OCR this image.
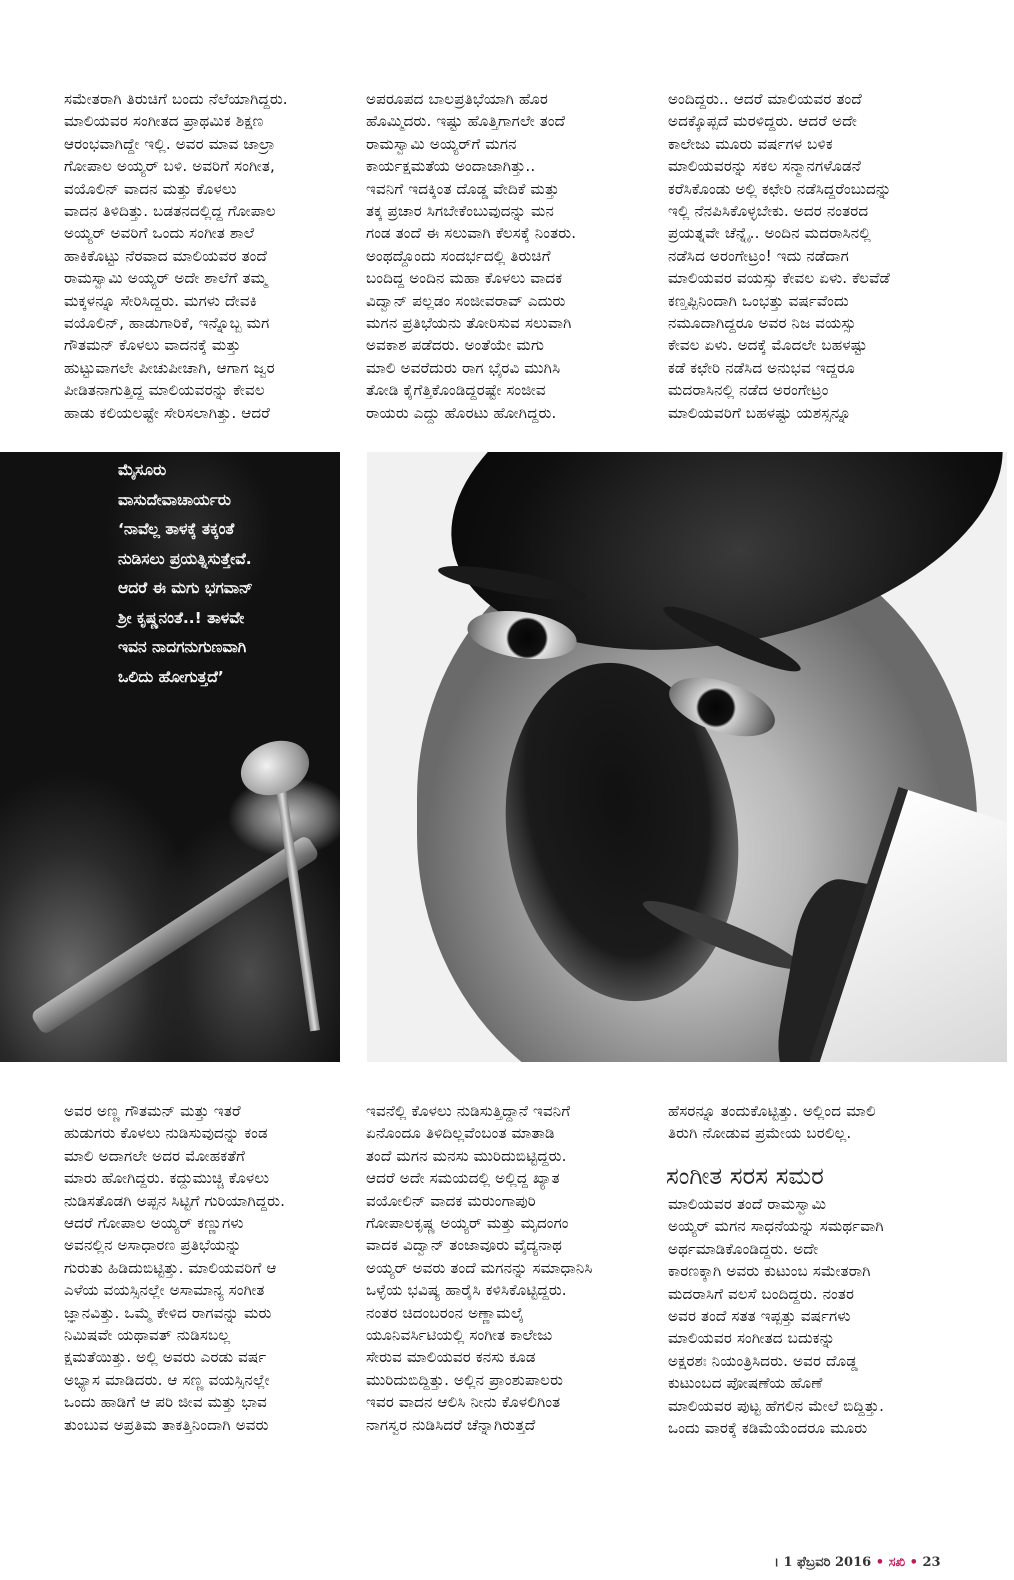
ಸಮೇತರಾಗಿ ತಿರುಚಿಗೆ ಬಂದು ನೆಲೆಯಾಗಿದ್ದರು.
ಮಾಲಿಯವರ ಸಂಗೀತದ ಪ್ರಾಥಮಿಕ ಶಿಕ್ಷಣ
ಆರಂಭವಾಗಿದ್ದೇ ಇಲ್ಲಿ. ಅವರ ಮಾವ ಜಾಲ್ರಾ
ಗೋಪಾಲ ಅಯ್ಯರ್ ಬಳಿ. ಅವರಿಗೆ ಸಂಗೀತ,
ವಯೊಲಿನ್ ವಾದನ ಮತ್ತು ಕೊಳಲು
ವಾದನ ತಿಳಿದಿತ್ತು. ಬಡತನದಲ್ಲಿದ್ದ ಗೋಪಾಲ
ಅಯ್ಯರ್ ಅವರಿಗೆ ಒಂದು ಸಂಗೀತ ಶಾಲೆ
ಹಾಕಿಕೊಟ್ಟು ನೆರವಾದ ಮಾಲಿಯವರ ತಂದೆ
ರಾಮಸ್ವಾಮಿ ಅಯ್ಯರ್ ಅದೇ ಶಾಲೆಗೆ ತಮ್ಮ
ಮಕ್ಕಳನ್ನೂ ಸೇರಿಸಿದ್ದರು. ಮಗಳು ದೇವಕಿ
ವಯೊಲಿನ್, ಹಾಡುಗಾರಿಕೆ, ಇನ್ನೊಬ್ಬ ಮಗ
ಗೌತಮನ್ ಕೊಳಲು ವಾದನಕ್ಕೆ ಮತ್ತು
ಹುಟ್ಟುವಾಗಲೇ ಪೀಚುಪೀಚಾಗಿ, ಆಗಾಗ ಜ್ವರ
ಪೀಡಿತನಾಗುತ್ತಿದ್ದ ಮಾಲಿಯವರನ್ನು ಕೇವಲ
ಹಾಡು ಕಲಿಯಲಷ್ಟೇ ಸೇರಿಸಲಾಗಿತ್ತು. ಆದರೆ
ಅಪರೂಪದ ಬಾಲಪ್ರತಿಭೆಯಾಗಿ ಹೊರ
ಹೊಮ್ಮಿದರು. ಇಷ್ಟು ಹೊತ್ತಿಗಾಗಲೇ ತಂದೆ
ರಾಮಸ್ವಾಮಿ ಅಯ್ಯರ್‌ಗೆ ಮಗನ
ಕಾರ್ಯಕ್ಷಮತೆಯ ಅಂದಾಜಾಗಿತ್ತು..
ಇವನಿಗೆ ಇದಕ್ಕಿಂತ ದೊಡ್ಡ ವೇದಿಕೆ ಮತ್ತು
ತಕ್ಕ ಪ್ರಚಾರ ಸಿಗಬೇಕೆಂಬುವುದನ್ನು ಮನ
ಗಂಡ ತಂದೆ ಈ ಸಲುವಾಗಿ ಕೆಲಸಕ್ಕೆ ನಿಂತರು.
ಅಂಥದ್ದೊಂದು ಸಂದರ್ಭದಲ್ಲಿ ತಿರುಚಿಗೆ
ಬಂದಿದ್ದ ಅಂದಿನ ಮಹಾ ಕೊಳಲು ವಾದಕ
ವಿದ್ವಾನ್ ಪಲ್ಲಡಂ ಸಂಜೀವರಾವ್ ಎದುರು
ಮಗನ ಪ್ರತಿಭೆಯನು ತೋರಿಸುವ ಸಲುವಾಗಿ
ಅವಕಾಶ ಪಡೆದರು. ಅಂತೆಯೇ ಮಗು
ಮಾಲಿ ಅವರೆದುರು ರಾಗ ಭೈರವಿ ಮುಗಿಸಿ
ತೋಡಿ ಕೈಗೆತ್ತಿಕೊಂಡಿದ್ದರಷ್ಟೇ ಸಂಜೀವ
ರಾಯರು ಎದ್ದು ಹೊರಟು ಹೋಗಿದ್ದರು.
ಅಂದಿದ್ದರು.. ಆದರೆ ಮಾಲಿಯವರ ತಂದೆ
ಅದಕ್ಕೊಪ್ಪದೆ ಮರಳಿದ್ದರು. ಆದರೆ ಅದೇ
ಕಾಲೇಜು ಮೂರು ವರ್ಷಗಳ ಬಳಿಕ
ಮಾಲಿಯವರನ್ನು ಸಕಲ ಸನ್ಮಾನಗಳೊಡನೆ
ಕರೆಸಿಕೊಂಡು ಅಲ್ಲಿ ಕಛೇರಿ ನಡೆಸಿದ್ದರೆಂಬುದನ್ನು
ಇಲ್ಲಿ ನೆನಪಿಸಿಕೊಳ್ಳಬೇಕು. ಅದರ ನಂತರದ
ಪ್ರಯತ್ನವೇ ಚೆನ್ನೈ.. ಅಂದಿನ ಮದರಾಸಿನಲ್ಲಿ
ನಡೆಸಿದ ಅರಂಗೇಟ್ರಂ! ಇದು ನಡೆದಾಗ
ಮಾಲಿಯವರ ವಯಸ್ಸು ಕೇವಲ ಏಳು. ಕೆಲವೆಡೆ
ಕಣ್ತಪ್ಪಿನಿಂದಾಗಿ ಒಂಭತ್ತು ವರ್ಷವೆಂದು
ನಮೂದಾಗಿದ್ದರೂ ಅವರ ನಿಜ ವಯಸ್ಸು
ಕೇವಲ ಏಳು. ಅದಕ್ಕೆ ಮೊದಲೇ ಬಹಳಷ್ಟು
ಕಡೆ ಕಛೇರಿ ನಡೆಸಿದ ಅನುಭವ ಇದ್ದರೂ
ಮದರಾಸಿನಲ್ಲಿ ನಡೆದ ಅರಂಗೇಟ್ರಂ
ಮಾಲಿಯವರಿಗೆ ಬಹಳಷ್ಟು ಯಶಸ್ಸನ್ನೂ
ಮೈಸೂರು
ವಾಸುದೇವಾಚಾರ್ಯರು
‘ನಾವೆಲ್ಲ ತಾಳಕ್ಕೆ ತಕ್ಕಂತೆ
ನುಡಿಸಲು ಪ್ರಯತ್ನಿಸುತ್ತೇವೆ.
ಆದರೆ ಈ ಮಗು ಭಗವಾನ್
ಶ್ರೀ ಕೃಷ್ಣನಂತೆ..! ತಾಳವೇ
ಇವನ ನಾದಗನುಗುಣವಾಗಿ
ಒಲಿದು ಹೋಗುತ್ತದೆ’
ಅವರ ಅಣ್ಣ ಗೌತಮನ್ ಮತ್ತು ಇತರೆ
ಹುಡುಗರು ಕೊಳಲು ನುಡಿಸುವುದನ್ನು ಕಂಡ
ಮಾಲಿ ಅದಾಗಲೇ ಅದರ ಮೋಹಕತೆಗೆ
ಮಾರು ಹೋಗಿದ್ದರು. ಕದ್ದುಮುಚ್ಚಿ ಕೊಳಲು
ನುಡಿಸತೊಡಗಿ ಅಪ್ಪನ ಸಿಟ್ಟಿಗೆ ಗುರಿಯಾಗಿದ್ದರು.
ಆದರೆ ಗೋಪಾಲ ಅಯ್ಯರ್ ಕಣ್ಣುಗಳು
ಅವನಲ್ಲಿನ ಅಸಾಧಾರಣ ಪ್ರತಿಭೆಯನ್ನು
ಗುರುತು ಹಿಡಿದುಬಿಟ್ಟಿತ್ತು. ಮಾಲಿಯವರಿಗೆ ಆ
ಎಳೆಯ ವಯಸ್ಸಿನಲ್ಲೇ ಅಸಾಮಾನ್ಯ ಸಂಗೀತ
ಜ್ಞಾನವಿತ್ತು. ಒಮ್ಮೆ ಕೇಳಿದ ರಾಗವನ್ನು ಮರು
ನಿಮಿಷವೇ ಯಥಾವತ್ ನುಡಿಸಬಲ್ಲ
ಕ್ಷಮತೆಯಿತ್ತು. ಅಲ್ಲಿ ಅವರು ಎರಡು ವರ್ಷ
ಅಭ್ಯಾಸ ಮಾಡಿದರು. ಆ ಸಣ್ಣ ವಯಸ್ಸಿನಲ್ಲೇ
ಒಂದು ಹಾಡಿಗೆ ಆ ಪರಿ ಜೀವ ಮತ್ತು ಭಾವ
ತುಂಬುವ ಅಪ್ರತಿಮ ತಾಕತ್ತಿನಿಂದಾಗಿ ಅವರು
ಇವನೆಲ್ಲಿ ಕೊಳಲು ನುಡಿಸುತ್ತಿದ್ದಾನೆ ಇವನಿಗೆ
ಏನೊಂದೂ ತಿಳಿದಿಲ್ಲವೆಂಬಂತ ಮಾತಾಡಿ
ತಂದೆ ಮಗನ ಮನಸು ಮುರಿದುಬಿಟ್ಟಿದ್ದರು.
ಆದರೆ ಅದೇ ಸಮಯದಲ್ಲಿ ಅಲ್ಲಿದ್ದ ಖ್ಯಾತ
ವಯೋಲಿನ್ ವಾದಕ ಮರುಂಗಾಪುರಿ
ಗೋಪಾಲಕೃಷ್ಣ ಅಯ್ಯರ್ ಮತ್ತು ಮೃದಂಗಂ
ವಾದಕ ವಿದ್ವಾನ್ ತಂಜಾವೂರು ವೈದ್ಯನಾಥ
ಅಯ್ಯರ್ ಅವರು ತಂದೆ ಮಗನನ್ನು ಸಮಾಧಾನಿಸಿ
ಒಳ್ಳೆಯ ಭವಿಷ್ಯ ಹಾರೈಸಿ ಕಳಿಸಿಕೊಟ್ಟಿದ್ದರು.
ನಂತರ ಚಿದಂಬರಂನ ಅಣ್ಣಾಮಲೈ
ಯೂನಿವರ್ಸಿಟಿಯಲ್ಲಿ ಸಂಗೀತ ಕಾಲೇಜು
ಸೇರುವ ಮಾಲಿಯವರ ಕನಸು ಕೂಡ
ಮುರಿದುಬಿದ್ದಿತ್ತು. ಅಲ್ಲಿನ ಪ್ರಾಂಶುಪಾಲರು
ಇವರ ವಾದನ ಆಲಿಸಿ ನೀನು ಕೊಳಲಿಗಿಂತ
ನಾಗಸ್ವರ ನುಡಿಸಿದರೆ ಚೆನ್ನಾಗಿರುತ್ತದೆ
ಹೆಸರನ್ನೂ ತಂದುಕೊಟ್ಟಿತ್ತು. ಅಲ್ಲಿಂದ ಮಾಲಿ
ತಿರುಗಿ ನೋಡುವ ಪ್ರಮೇಯ ಬರಲಿಲ್ಲ.
ಸಂಗೀತ ಸರಸ ಸಮರ
ಮಾಲಿಯವರ ತಂದೆ ರಾಮಸ್ವಾಮಿ
ಅಯ್ಯರ್ ಮಗನ ಸಾಧನೆಯನ್ನು ಸಮರ್ಥವಾಗಿ
ಅರ್ಥಮಾಡಿಕೊಂಡಿದ್ದರು. ಅದೇ
ಕಾರಣಕ್ಕಾಗಿ ಅವರು ಕುಟುಂಬ ಸಮೇತರಾಗಿ
ಮದರಾಸಿಗೆ ವಲಸೆ ಬಂದಿದ್ದರು. ನಂತರ
ಅವರ ತಂದೆ ಸತತ ಇಪ್ಪತ್ತು ವರ್ಷಗಳು
ಮಾಲಿಯವರ ಸಂಗೀತದ ಬದುಕನ್ನು
ಅಕ್ಷರಶಃ ನಿಯಂತ್ರಿಸಿದರು. ಅವರ ದೊಡ್ಡ
ಕುಟುಂಬದ ಪೋಷಣೆಯ ಹೊಣೆ
ಮಾಲಿಯವರ ಪುಟ್ಟ ಹೆಗಲಿನ ಮೇಲೆ ಬಿದ್ದಿತ್ತು.
ಒಂದು ವಾರಕ್ಕೆ ಕಡಿಮೆಯೆಂದರೂ ಮೂರು
। 1 ಫೆಬ್ರವರಿ 2016 • ಸಖಿ • 23
